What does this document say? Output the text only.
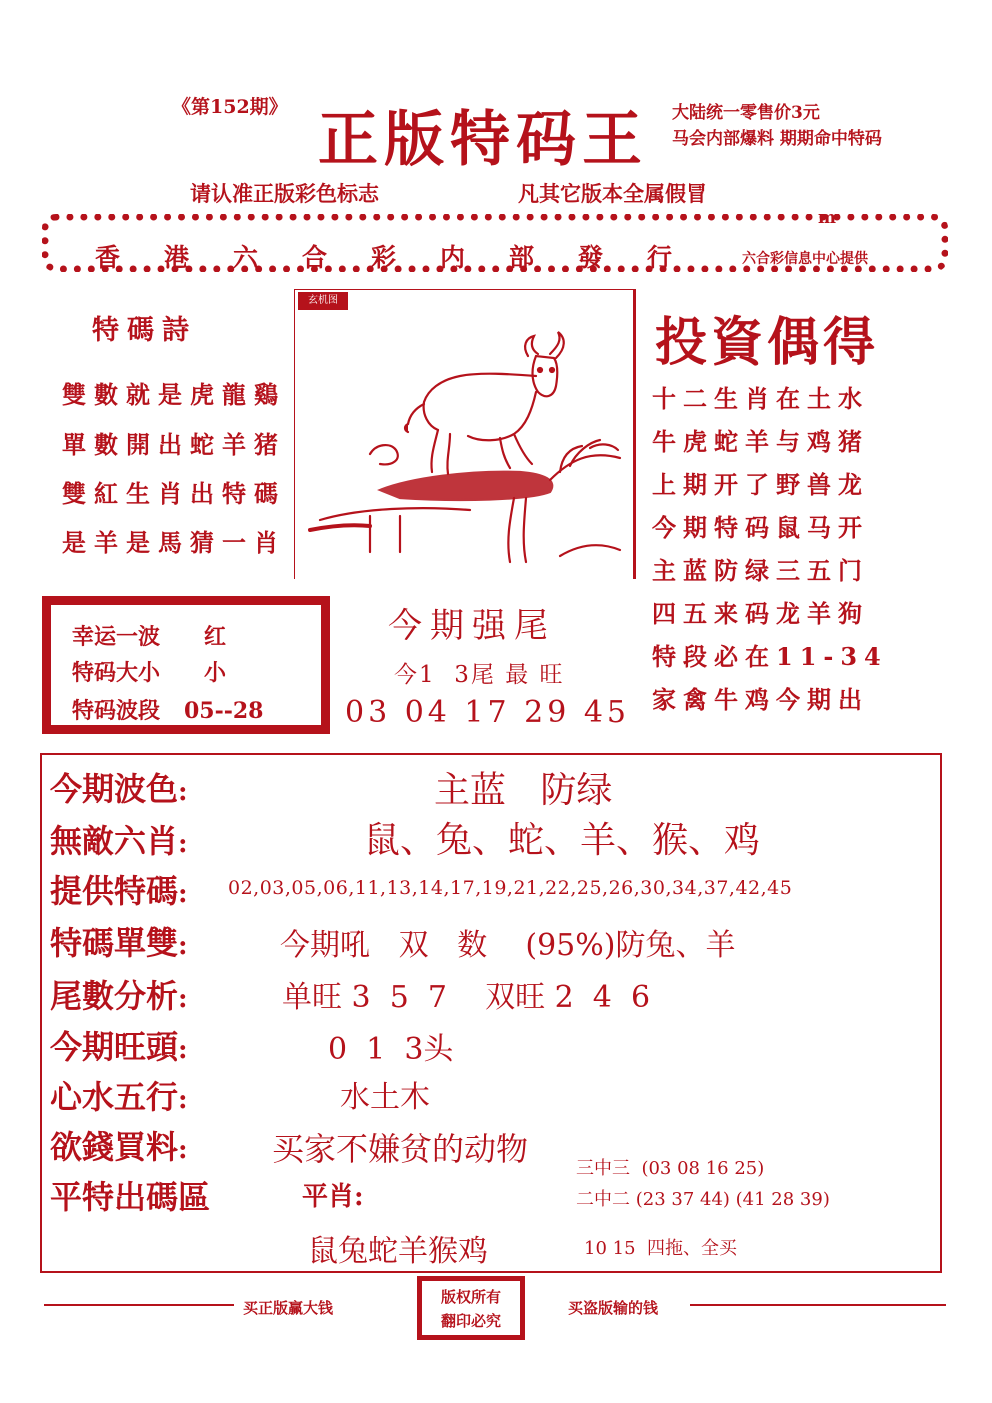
《第152期》 正版特码王 大陆统一零售价3元
马会内部爆料 期期命中特码
请认准正版彩色标志	凡其它版本全属假冒
m
香港六合彩内部發行 六合彩信息中心提供
特碼詩
雙數就是虎龍鷄
單數開出蛇羊猪
雙紅生肖出特碼
是羊是馬猜一肖
玄机图
投資偶得
十二生肖在土水
牛虎蛇羊与鸡猪
上期开了野兽龙
今期特码鼠马开
主蓝防绿三五门
四五来码龙羊狗
特段必在11-34
家禽牛鸡今期出
幸运一波 红
特码大小 小
特码波段 05--28
今期强尾
今1  3尾 最 旺
03 04 17 29 45
今期波色:	主蓝   防绿
無敵六肖:	鼠、兔、蛇、羊、猴、鸡
提供特碼: 02,03,05,06,11,13,14,17,19,21,22,25,26,30,34,37,42,45
特碼單雙:	今期吼   双   数    (95%)防兔、羊
尾數分析:	单旺 3  5  7    双旺 2  4  6
今期旺頭:	0  1  3头
心水五行:	水土木
欲錢買料:	买家不嫌贫的动物
平特出碼區	平肖:
鼠兔蛇羊猴鸡
三中三  (03 08 16 25)
二中二 (23 37 44) (41 28 39)
10 15  四拖、全买
买正版赢大钱	买盗版输的钱
版权所有
翻印必究
